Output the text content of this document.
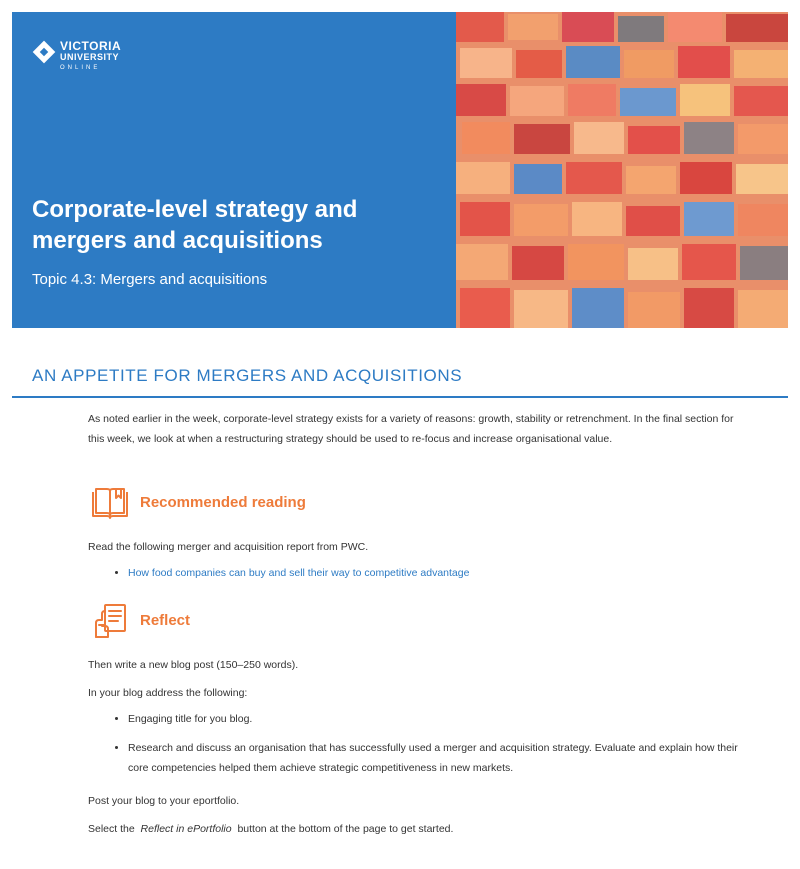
VICTORIA
UNIVERSITY
ONLINE
Corporate-level strategy and mergers and acquisitions

Topic 4.3: Mergers and acquisitions

AN APPETITE FOR MERGERS AND ACQUISITIONS

As noted earlier in the week, corporate-level strategy exists for a variety of reasons: growth, stability or retrenchment. In the final section for this week, we look at when a restructuring strategy should be used to re-focus and increase organisational value.

Recommended reading

Read the following merger and acquisition report from PWC.

• How food companies can buy and sell their way to competitive advantage
Reflect

Then write a new blog post (150–250 words).

In your blog address the following:

• Engaging title for you blog.
• Research and discuss an organisation that has successfully used a merger and acquisition strategy. Evaluate and explain how their core competencies helped them achieve strategic competitiveness in new markets.

Post your blog to your eportfolio.

Select the Reflect in ePortfolio button at the bottom of the page to get started.
